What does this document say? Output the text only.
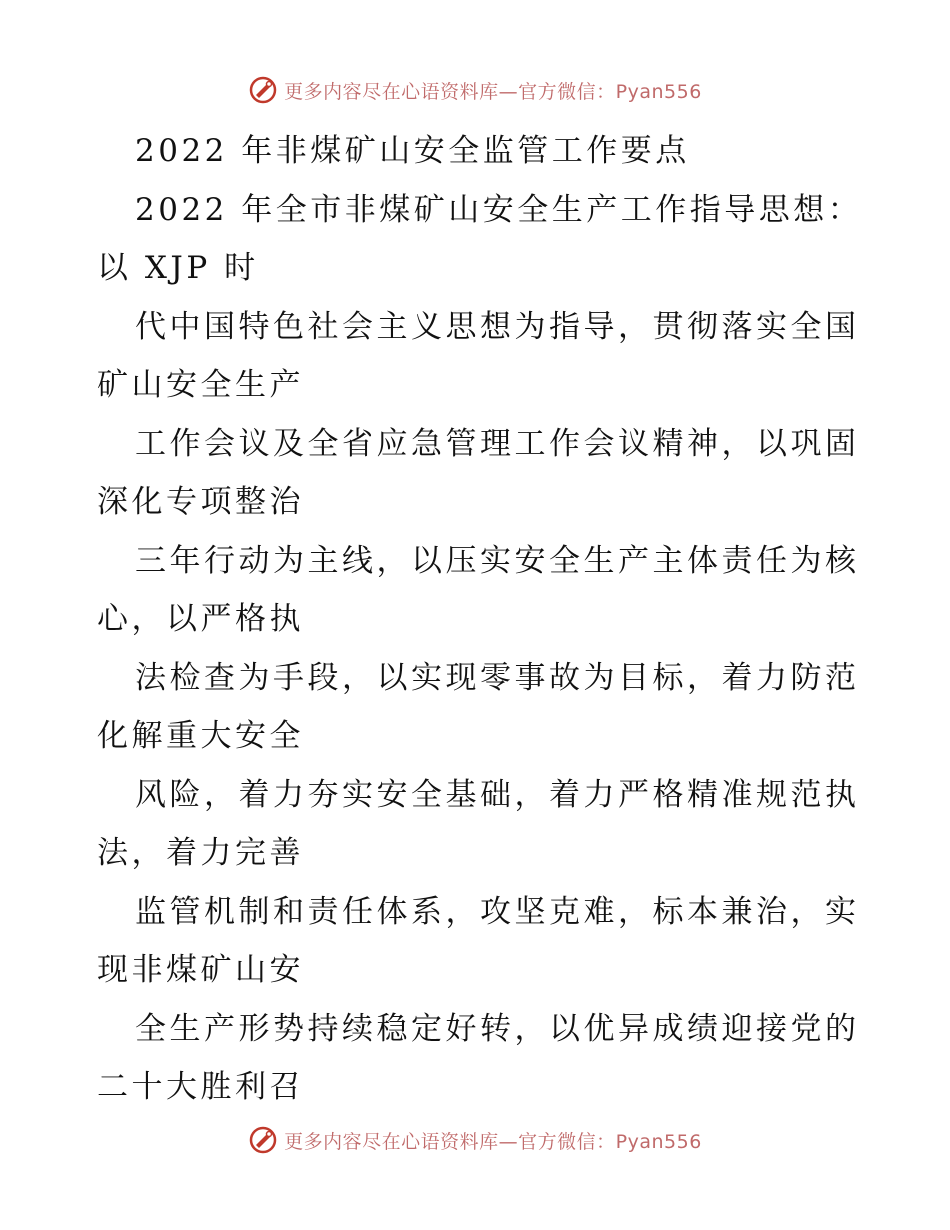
更多内容尽在心语资料库—官方微信：Pyan556
2022 年非煤矿山安全监管工作要点
2022 年全市非煤矿山安全生产工作指导思想：
以 XJP 时
代中国特色社会主义思想为指导，贯彻落实全国
矿山安全生产
工作会议及全省应急管理工作会议精神，以巩固
深化专项整治
三年行动为主线，以压实安全生产主体责任为核
心，以严格执
法检查为手段，以实现零事故为目标，着力防范
化解重大安全
风险，着力夯实安全基础，着力严格精准规范执
法，着力完善
监管机制和责任体系，攻坚克难，标本兼治，实
现非煤矿山安
全生产形势持续稳定好转，以优异成绩迎接党的
二十大胜利召
更多内容尽在心语资料库—官方微信：Pyan556
